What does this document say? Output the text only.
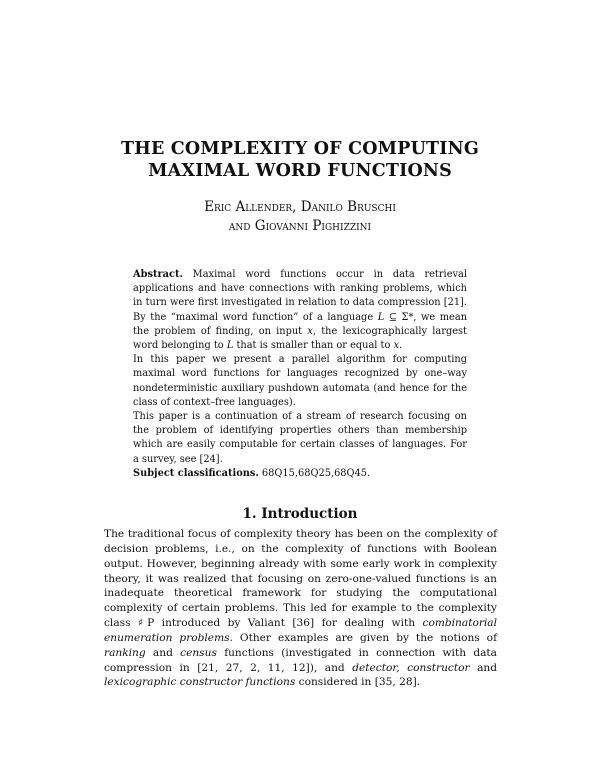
THE COMPLEXITY OF COMPUTING
MAXIMAL WORD FUNCTIONS
Eric Allender, Danilo Bruschi
and Giovanni Pighizzini

Abstract. Maximal word functions occur in data retrieval applications and have connections with ranking problems, which in turn were first investigated in relation to data compression [21]. By the “maximal word function” of a language L ⊆ Σ*, we mean the problem of finding, on input x, the lexicographically largest word belonging to L that is smaller than or equal to x.

In this paper we present a parallel algorithm for computing maximal word functions for languages recognized by one–way nondeterministic auxiliary pushdown automata (and hence for the class of context–free languages).

This paper is a continuation of a stream of research focusing on the problem of identifying properties others than membership which are easily computable for certain classes of languages. For a survey, see [24].

Subject classifications. 68Q15,68Q25,68Q45.

1. Introduction

The traditional focus of complexity theory has been on the complexity of decision problems, i.e., on the complexity of functions with Boolean output. However, beginning already with some early work in complexity theory, it was realized that focusing on zero-one-valued functions is an inadequate theoretical framework for studying the computational complexity of certain problems. This led for example to the complexity class ♯P introduced by Valiant [36] for dealing with combinatorial enumeration problems. Other examples are given by the notions of ranking and census functions (investigated in connection with data compression in [21, 27, 2, 11, 12]), and detector, constructor and lexicographic constructor functions considered in [35, 28].
